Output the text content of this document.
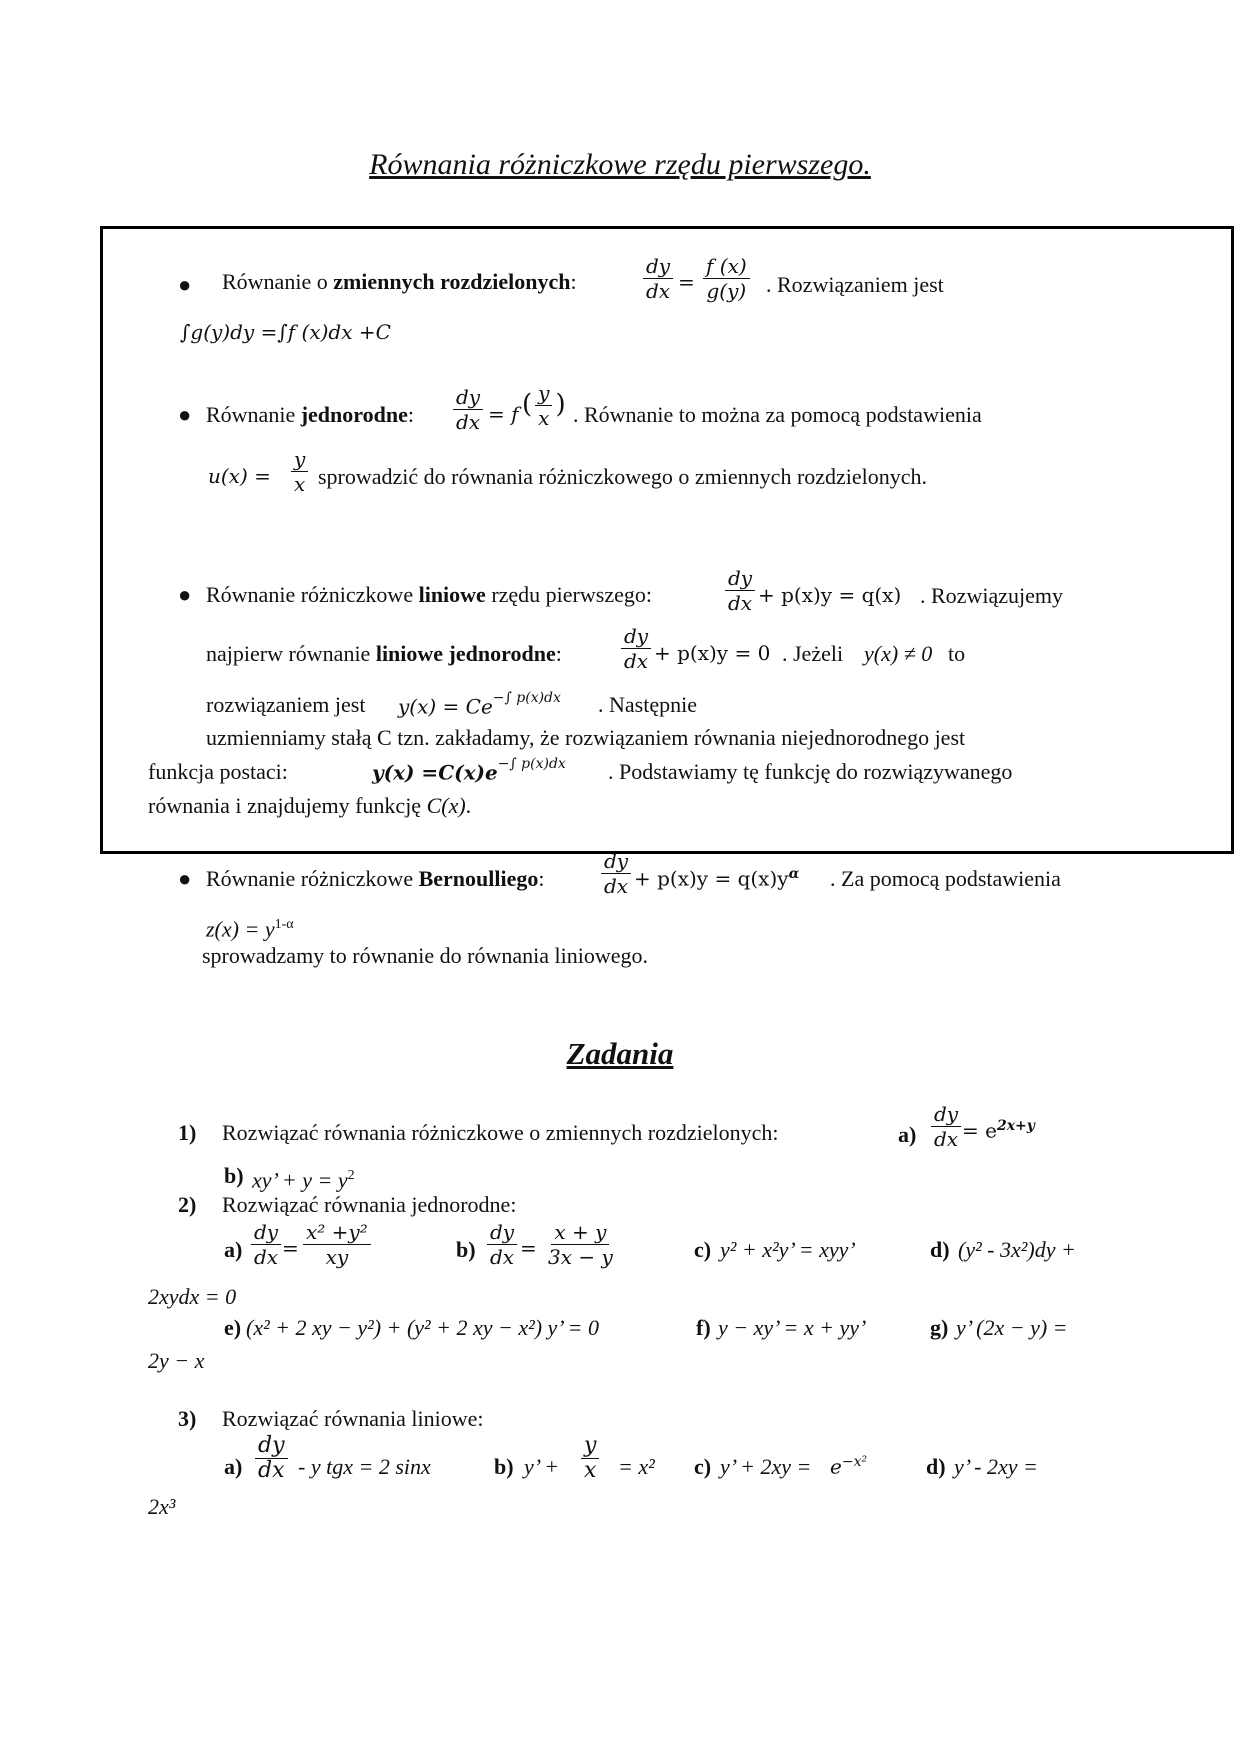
Równania różniczkowe rzędu pierwszego.
● Równanie o zmiennych rozdzielonych:	$\frac{dy}{dx} = \frac{f (x)}{g(y)}$ . Rozwiązaniem jest
∫g(y)dy =∫f (x)dx +C
● Równanie jednorodne: $\frac{dy}{dx} = f$ ( $\frac{y}{x}$ ) . Równanie to można za pomocą podstawienia
$u(x) = \frac{y}{x}$ sprowadzić do równania różniczkowego o zmiennych rozdzielonych.
● Równanie różniczkowe liniowe rzędu pierwszego:	$\frac{dy}{dx} + p(x)y = q(x)$ . Rozwiązujemy
najpierw równanie liniowe jednorodne:	$\frac{dy}{dx} + p(x)y = 0$ . Jeżeli y(x) ≠ 0 to
rozwiązaniem jest $y(x) = Ce^{-\int p(x)dx}$ . Następnie
uzmienniamy stałą C tzn. zakładamy, że rozwiązaniem równania niejednorodnego jest
funkcja postaci:	$y(x) =C(x)e^{-\int p(x)dx}$ . Podstawiamy tę funkcję do rozwiązywanego
równania i znajdujemy funkcję C(x).
● Równanie różniczkowe Bernoulliego:	$\frac{dy}{dx} + p(x)y = q(x)y^\alpha$ . Za pomocą podstawienia
$z(x) = y^{1-\alpha}$
sprowadzamy to równanie do równania liniowego.
Zadania
1) Rozwiązać równania różniczkowe o zmiennych rozdzielonych:	$a) \frac{dy}{dx} = e^{2x+y}$
b) xy’ + $y = y^2$
2) Rozwiązać równania jednorodne:
$a) \frac{dy}{dx} = \frac{\text{x² +y²}}{xy}$	$b) \frac{dy}{dx} = \frac{x + y}{3x - y}$	c) y² + x²y’ = xyy’	d) (y² - 3x²)dy +
2xydx = 0
e) (x² + 2 xy − y²) + (y² + 2 xy − x²) y’ = 0	f) y − xy’ = x + yy’	g) y’ (2x − y) =
2y − x
3) Rozwiązać równania liniowe:
$a) \frac{dy}{dx}$ - y tgx = 2 sinx	b) y’ + $\frac{y}{x} = x^2$ c) y’ + $2xy = e^{-x^2}$	d) y’ - 2xy =
2x³
